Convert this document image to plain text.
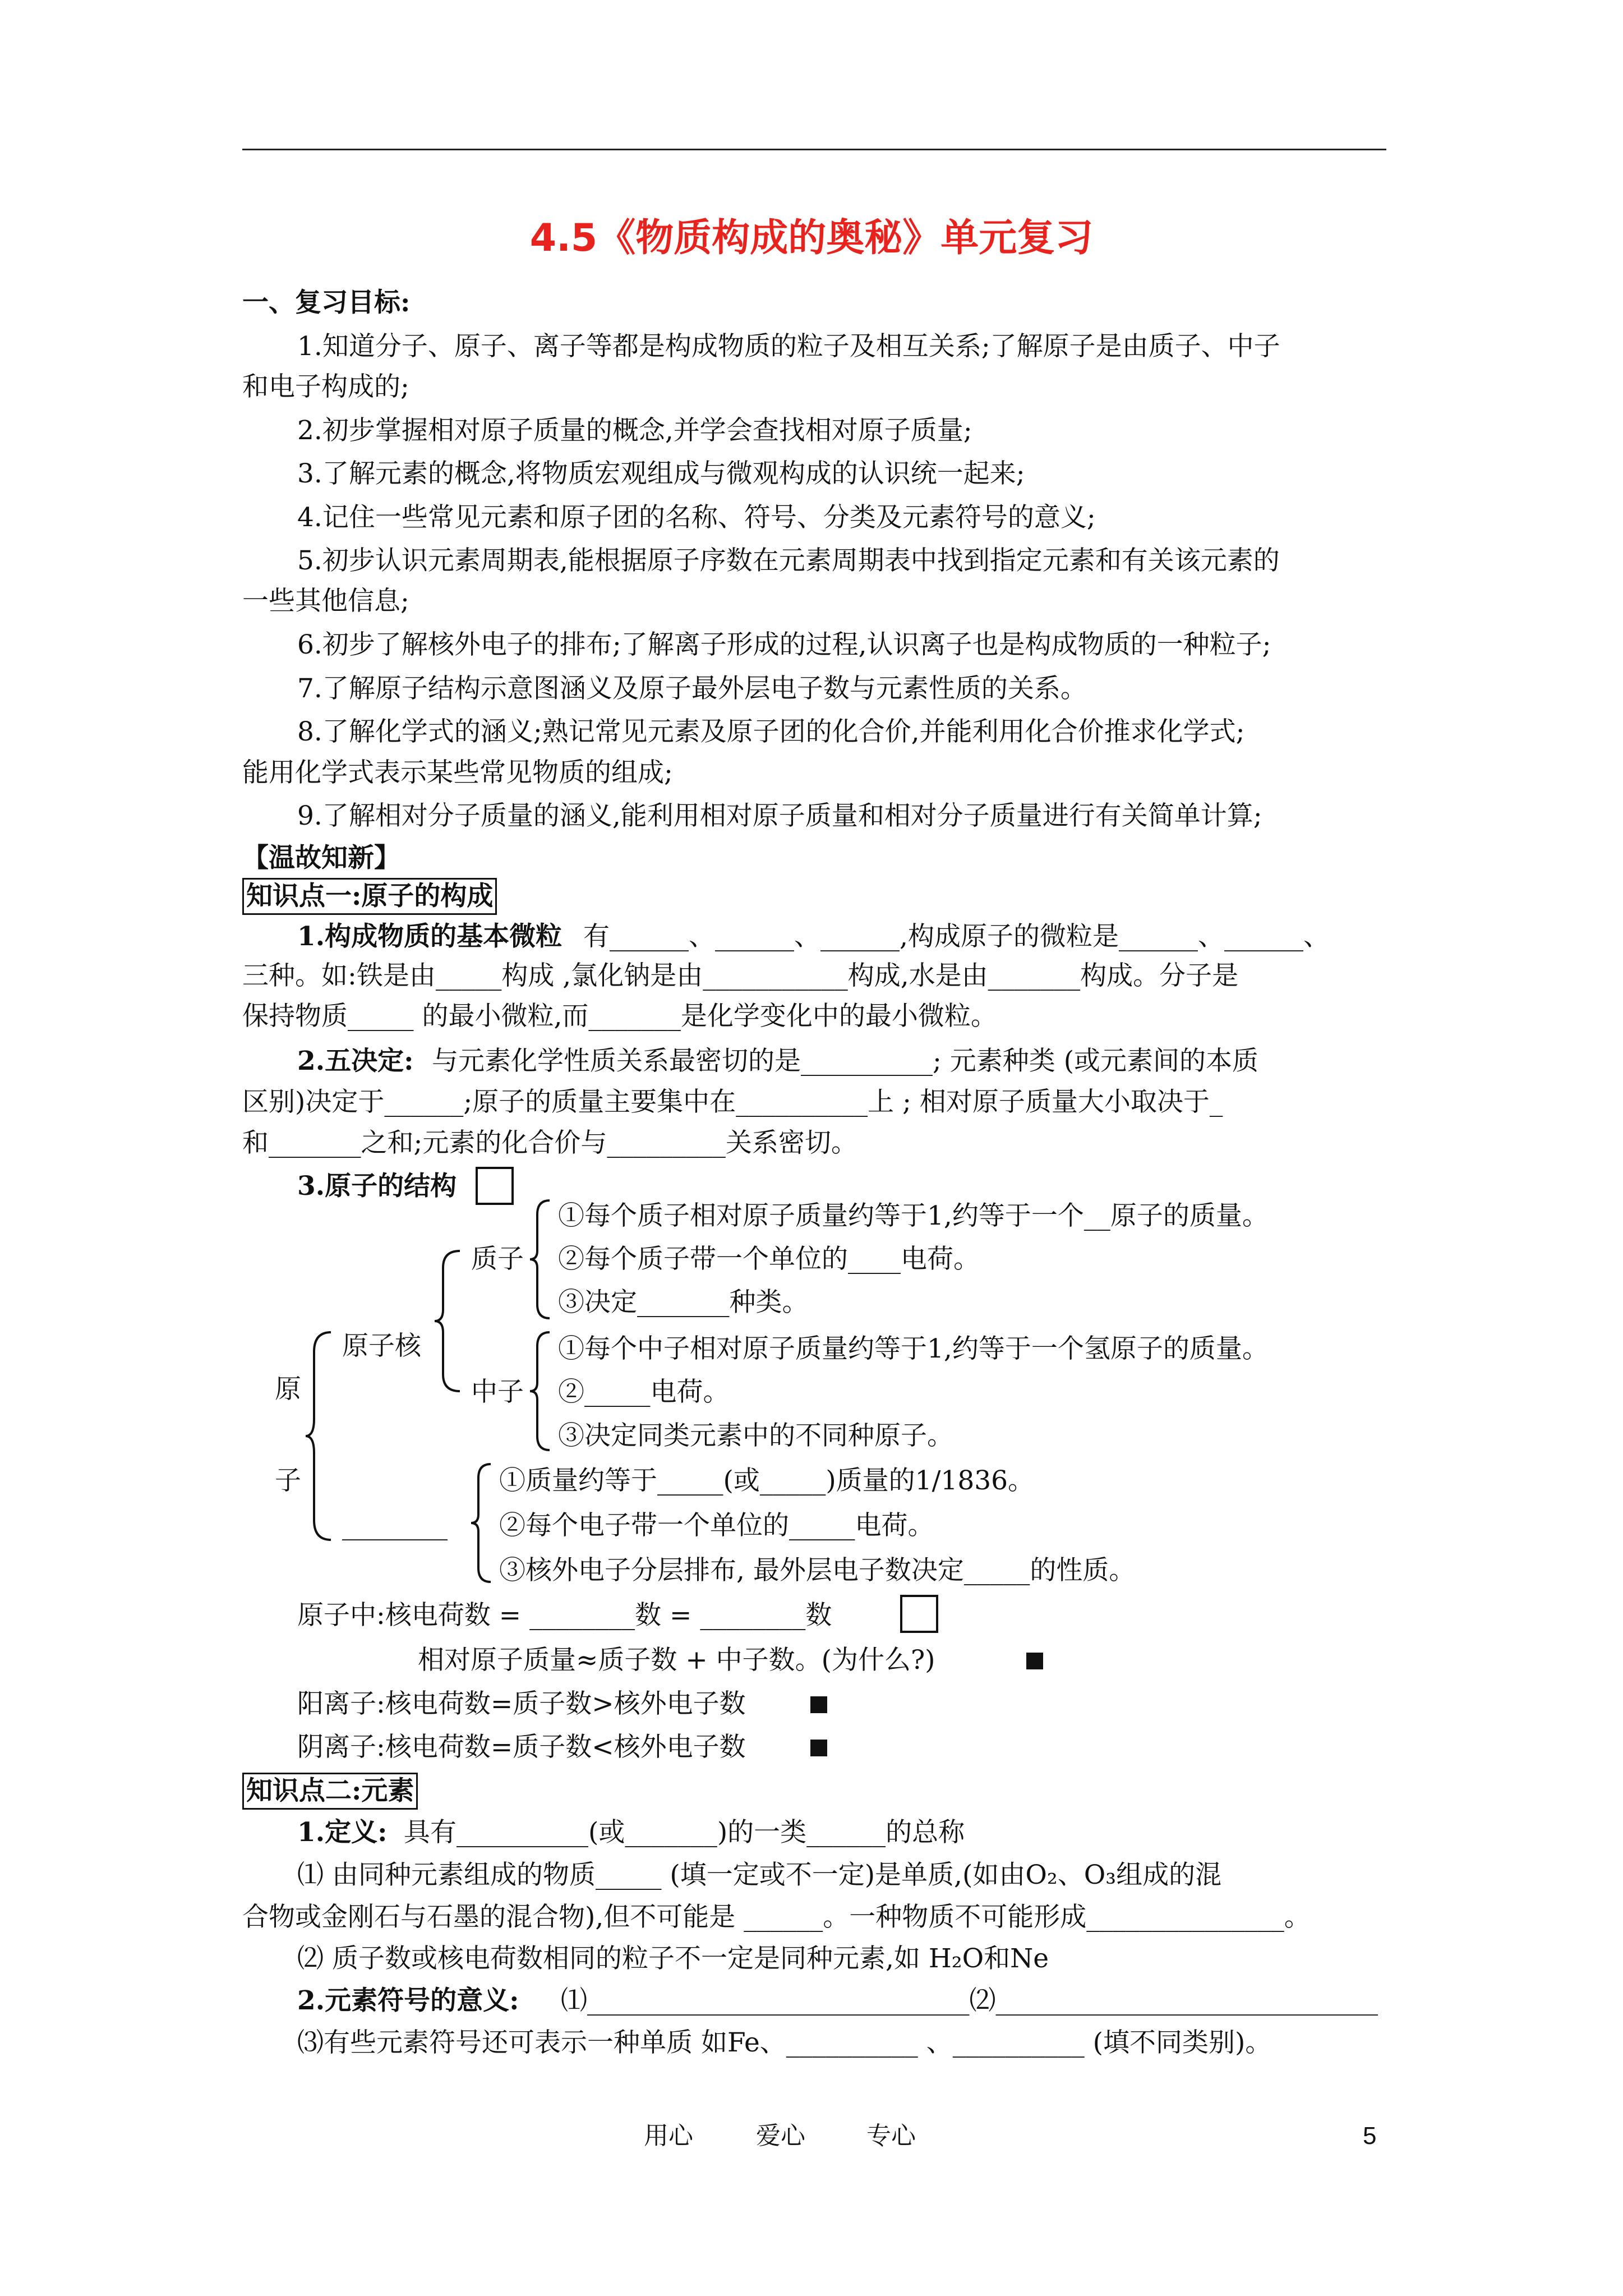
4.5《物质构成的奥秘》单元复习
一、复习目标:
1.知道分子、原子、离子等都是构成物质的粒子及相互关系;了解原子是由质子、中子
和电子构成的;
2.初步掌握相对原子质量的概念,并学会查找相对原子质量;
3.了解元素的概念,将物质宏观组成与微观构成的认识统一起来;
4.记住一些常见元素和原子团的名称、符号、分类及元素符号的意义;
5.初步认识元素周期表,能根据原子序数在元素周期表中找到指定元素和有关该元素的
一些其他信息;
6.初步了解核外电子的排布;了解离子形成的过程,认识离子也是构成物质的一种粒子;
7.了解原子结构示意图涵义及原子最外层电子数与元素性质的关系。
8.了解化学式的涵义;熟记常见元素及原子团的化合价,并能利用化合价推求化学式;
能用化学式表示某些常见物质的组成;
9.了解相对分子质量的涵义,能利用相对原子质量和相对分子质量进行有关简单计算;
【温故知新】
知识点一:原子的构成
1.构成物质的基本微粒 有______、______、______,构成原子的微粒是______、______、
三种。如:铁是由_____构成 ,氯化钠是由___________构成,水是由_______构成。分子是
保持物质_____ 的最小微粒,而_______是化学变化中的最小微粒。
2.五决定: 与元素化学性质关系最密切的是__________; 元素种类 (或元素间的本质
区别)决定于______;原子的质量主要集中在__________上 ; 相对原子质量大小取决于_
和_______之和;元素的化合价与_________关系密切。
3.原子的结构
原
子
原子核
质子
①每个质子相对原子质量约等于1,约等于一个__原子的质量。
②每个质子带一个单位的____电荷。
③决定_______种类。
中子
①每个中子相对原子质量约等于1,约等于一个氢原子的质量。
②_____电荷。
③决定同类元素中的不同种原子。
________
①质量约等于_____(或_____)质量的1/1836。
②每个电子带一个单位的_____电荷。
③核外电子分层排布, 最外层电子数决定_____的性质。
原子中:核电荷数 = ________数 = ________数
相对原子质量≈质子数 + 中子数。(为什么?)
阳离子:核电荷数=质子数>核外电子数
阴离子:核电荷数=质子数<核外电子数
知识点二:元素
1.定义: 具有__________(或_______)的一类______的总称
⑴ 由同种元素组成的物质_____ (填一定或不一定)是单质,(如由O₂、O₃组成的混
合物或金刚石与石墨的混合物),但不可能是 ______。一种物质不可能形成_______________。
⑵ 质子数或核电荷数相同的粒子不一定是同种元素,如 H₂O和Ne
2.元素符号的意义: ⑴_____________________________⑵_____________________________
⑶有些元素符号还可表示一种单质 如Fe、__________ 、__________ (填不同类别)。
用心	爱心 专心	5
